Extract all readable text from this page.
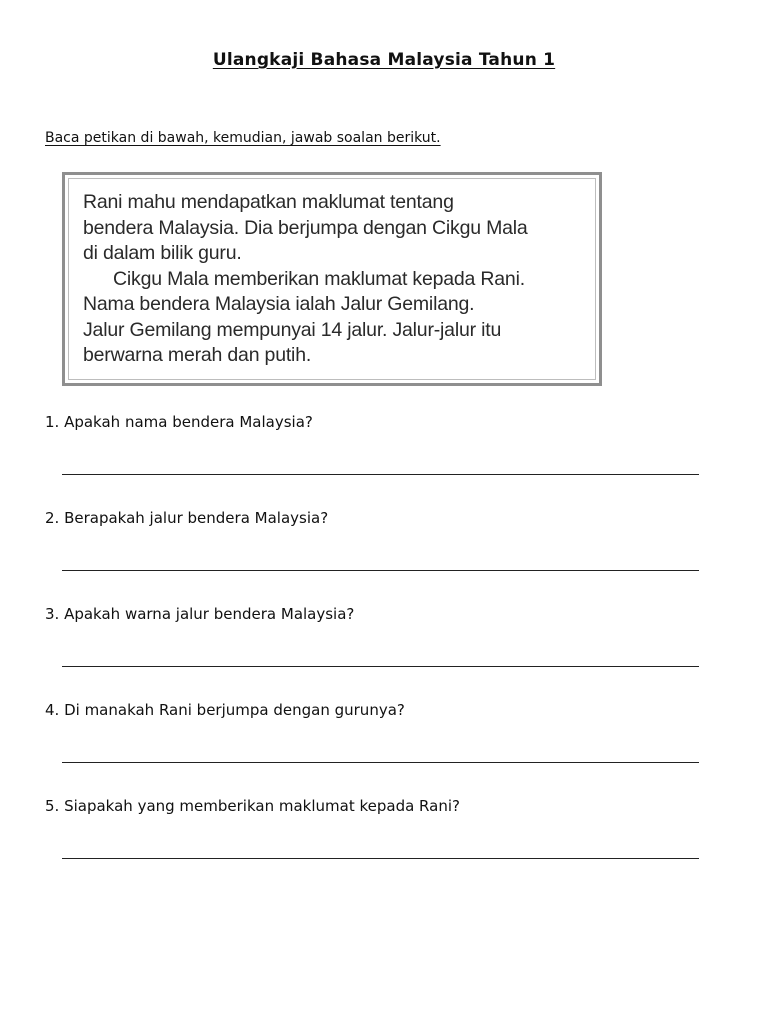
Ulangkaji Bahasa Malaysia Tahun 1
Baca petikan di bawah, kemudian, jawab soalan berikut.
Rani mahu mendapatkan maklumat tentang
bendera Malaysia. Dia berjumpa dengan Cikgu Mala
di dalam bilik guru.
Cikgu Mala memberikan maklumat kepada Rani.
Nama bendera Malaysia ialah Jalur Gemilang.
Jalur Gemilang mempunyai 14 jalur. Jalur-jalur itu
berwarna merah dan putih.
1. Apakah nama bendera Malaysia?
2. Berapakah jalur bendera Malaysia?
3. Apakah warna jalur bendera Malaysia?
4. Di manakah Rani berjumpa dengan gurunya?
5. Siapakah yang memberikan maklumat kepada Rani?
